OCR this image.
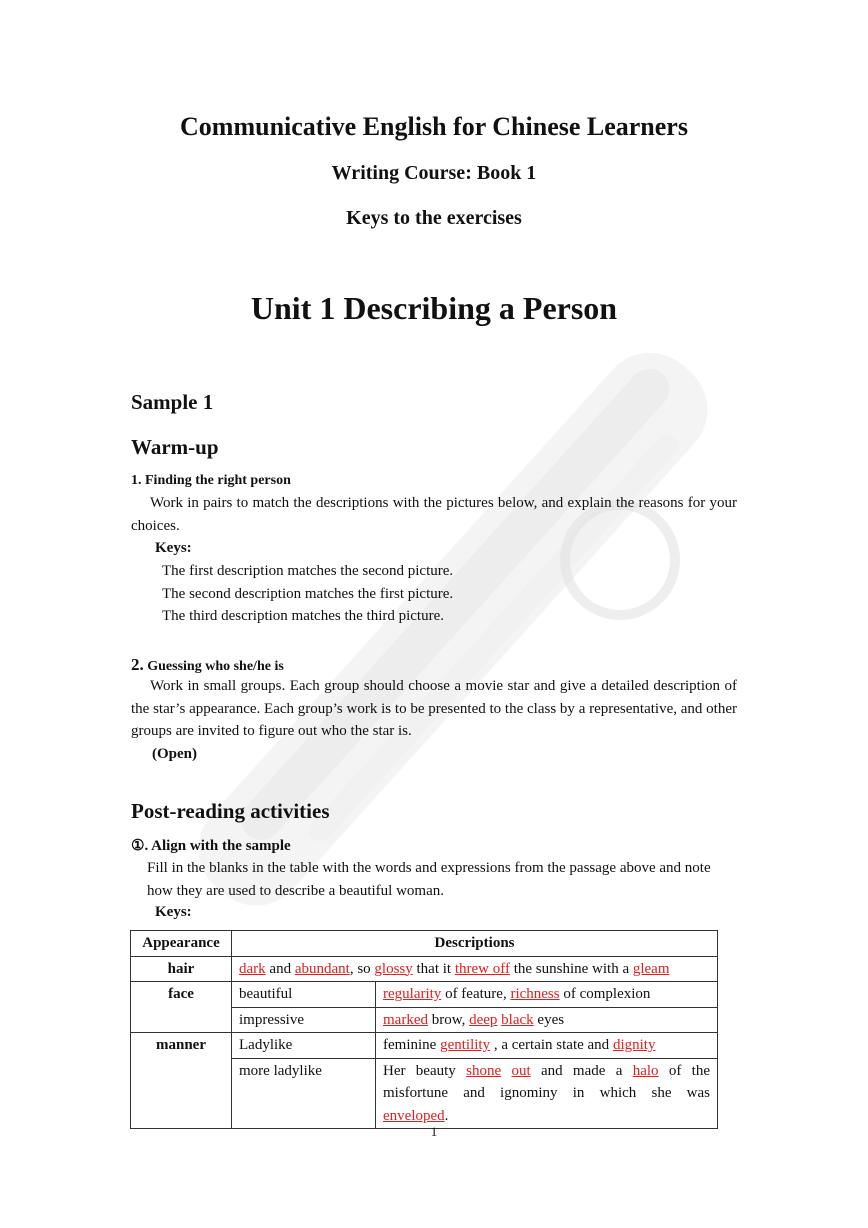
Communicative English for Chinese Learners
Writing Course: Book 1
Keys to the exercises
Unit 1 Describing a Person
Sample 1
Warm-up
1. Finding the right person
Work in pairs to match the descriptions with the pictures below, and explain the reasons for your choices.
Keys:
The first description matches the second picture.
The second description matches the first picture.
The third description matches the third picture.
2. Guessing who she/he is
Work in small groups. Each group should choose a movie star and give a detailed description of the star’s appearance. Each group’s work is to be presented to the class by a representative, and other groups are invited to figure out who the star is.
(Open)
Post-reading activities
①. Align with the sample
Fill in the blanks in the table with the words and expressions from the passage above and note how they are used to describe a beautiful woman.
Keys:
Appearance	Descriptions	
hair	dark and abundant, so glossy that it threw off the sunshine with a gleam	
face	beautiful	regularity of feature, richness of complexion
	impressive	marked brow, deep black eyes
manner	Ladylike	feminine gentility , a certain state and dignity
	more ladylike	Her beauty shone out and made a halo of the misfortune and ignominy in which she was enveloped.
1
